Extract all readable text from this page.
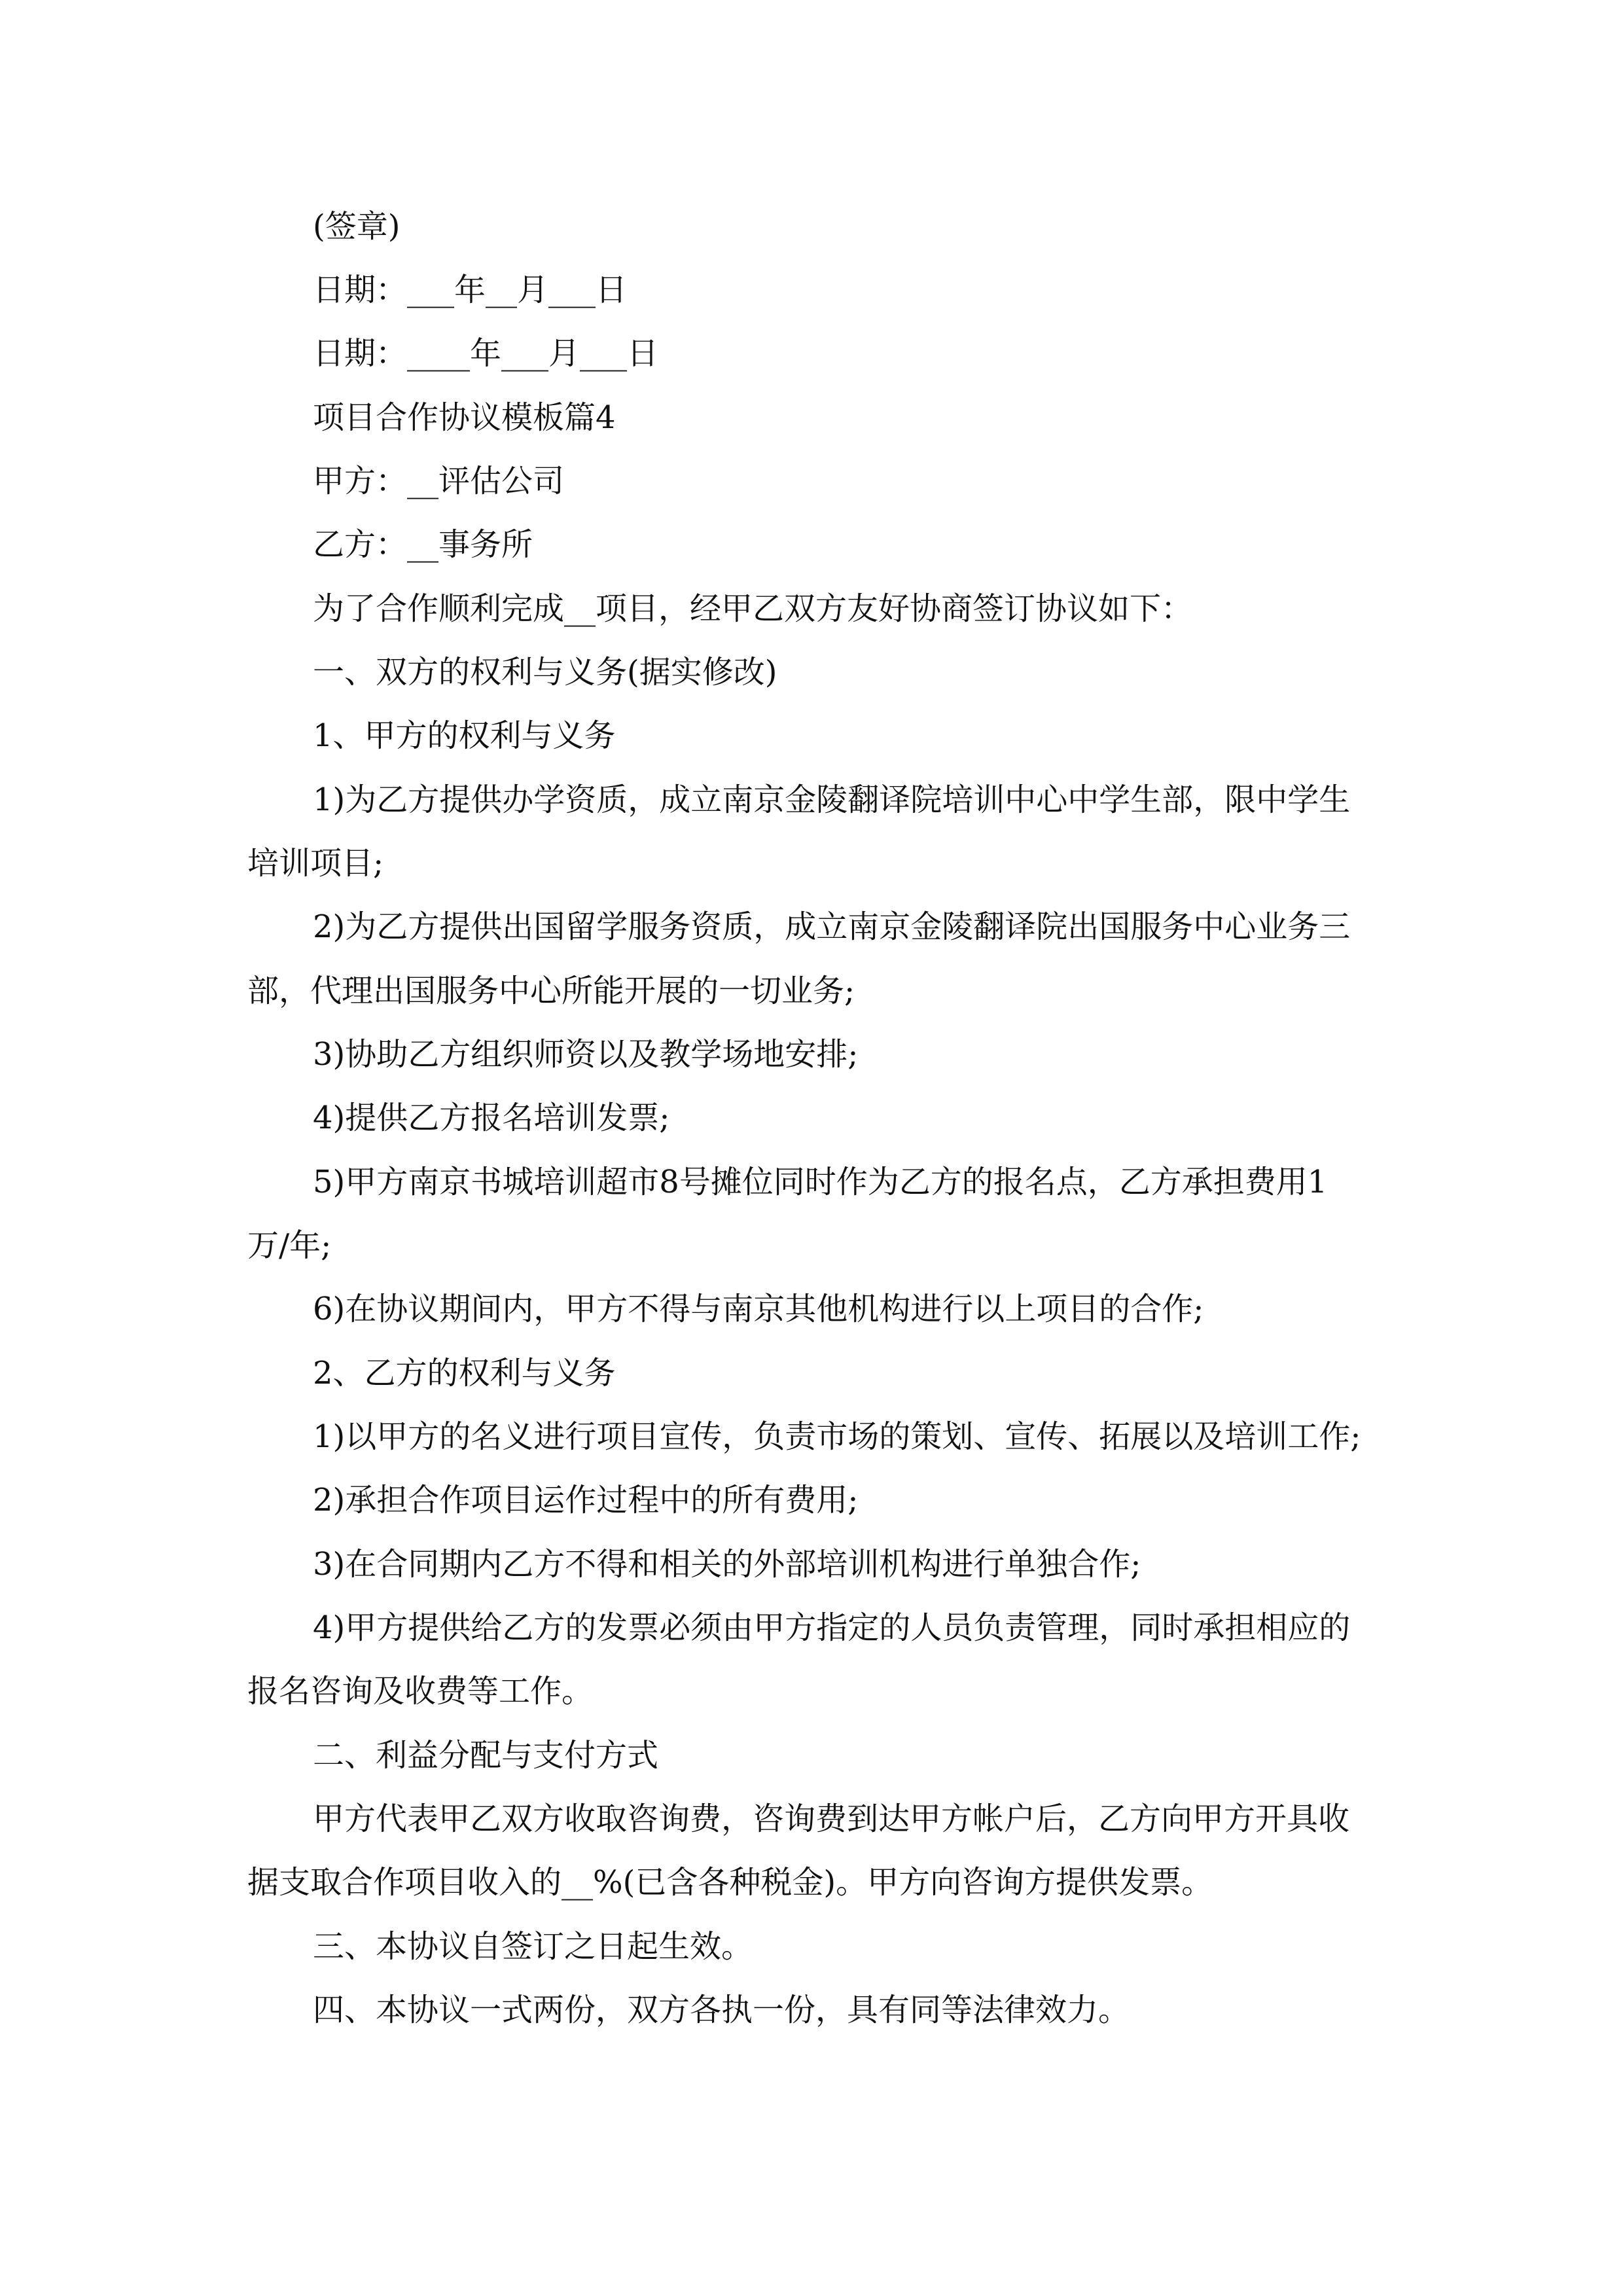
(签章)

日期：___年__月___日

日期：____年___月___日

项目合作协议模板篇4

甲方：__评估公司

乙方：__事务所

为了合作顺利完成__项目，经甲乙双方友好协商签订协议如下：

一、双方的权利与义务(据实修改)

1、甲方的权利与义务

1)为乙方提供办学资质，成立南京金陵翻译院培训中心中学生部，限中学生

培训项目;

2)为乙方提供出国留学服务资质，成立南京金陵翻译院出国服务中心业务三

部，代理出国服务中心所能开展的一切业务;

3)协助乙方组织师资以及教学场地安排;

4)提供乙方报名培训发票;

5)甲方南京书城培训超市8号摊位同时作为乙方的报名点，乙方承担费用1

万/年;

6)在协议期间内，甲方不得与南京其他机构进行以上项目的合作;

2、乙方的权利与义务

1)以甲方的名义进行项目宣传，负责市场的策划、宣传、拓展以及培训工作;

2)承担合作项目运作过程中的所有费用;

3)在合同期内乙方不得和相关的外部培训机构进行单独合作;

4)甲方提供给乙方的发票必须由甲方指定的人员负责管理，同时承担相应的

报名咨询及收费等工作。

二、利益分配与支付方式

甲方代表甲乙双方收取咨询费，咨询费到达甲方帐户后，乙方向甲方开具收

据支取合作项目收入的__%(已含各种税金)。甲方向咨询方提供发票。

三、本协议自签订之日起生效。

四、本协议一式两份，双方各执一份，具有同等法律效力。
